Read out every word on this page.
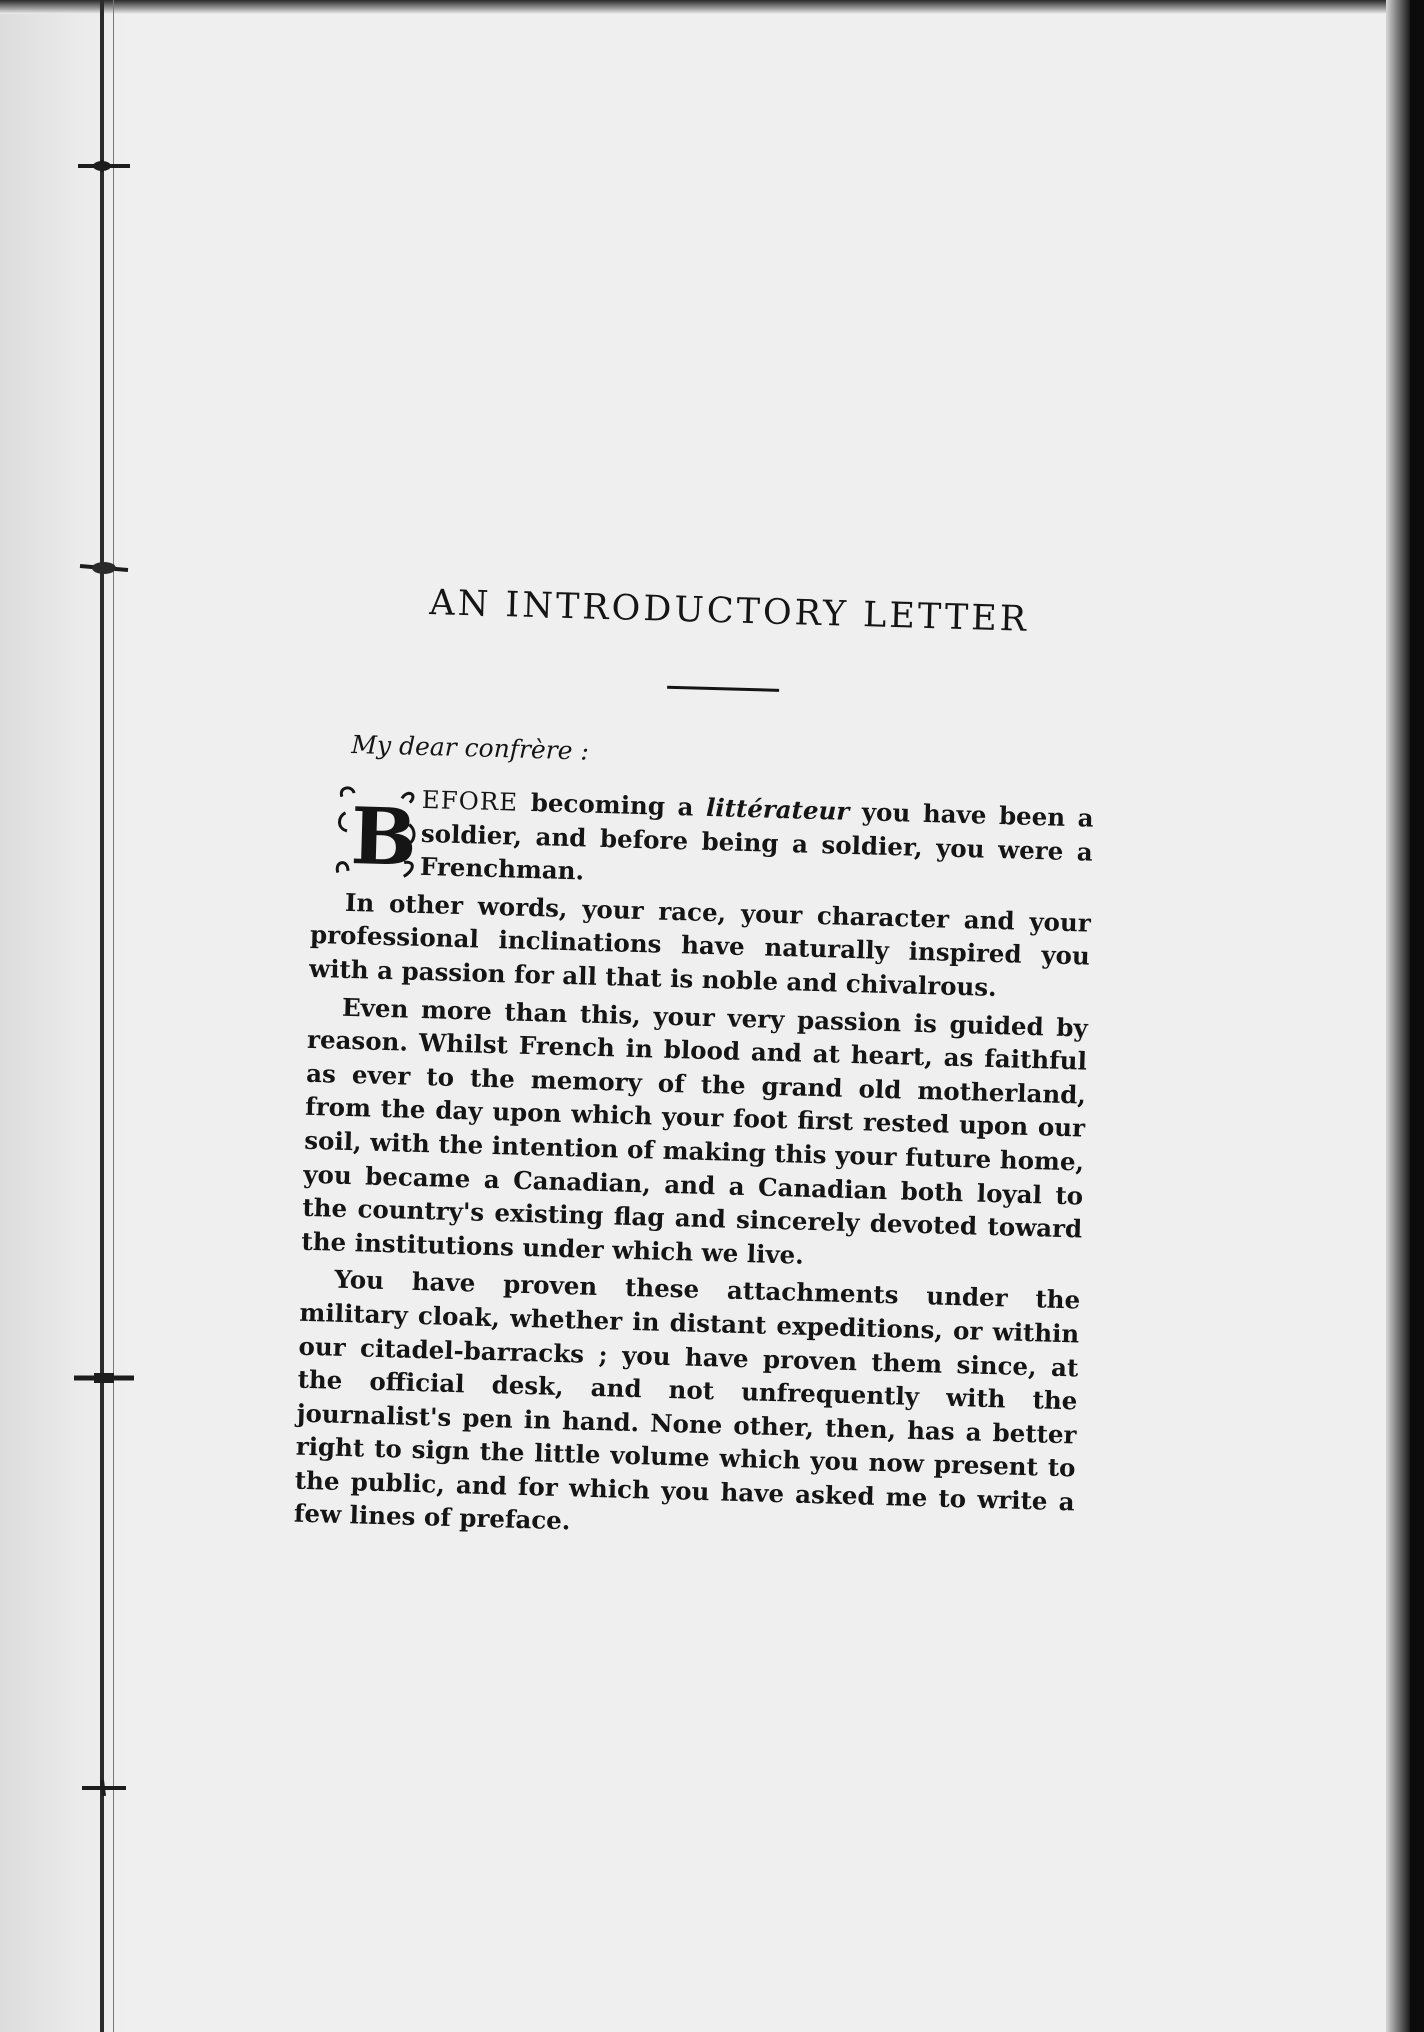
AN INTRODUCTORY LETTER

My dear confrère :

B EFORE becoming a littérateur you have been a soldier, and before being a soldier, you were a Frenchman.

In other words, your race, your character and your professional inclinations have naturally inspired you with a passion for all that is noble and chivalrous.

Even more than this, your very passion is guided by reason. Whilst French in blood and at heart, as faithful as ever to the memory of the grand old motherland, from the day upon which your foot first rested upon our soil, with the intention of making this your future home, you became a Canadian, and a Canadian both loyal to the country's existing flag and sincerely devoted toward the institutions under which we live.

You have proven these attachments under the military cloak, whether in distant expeditions, or within our citadel-barracks ; you have proven them since, at the official desk, and not unfrequently with the journalist's pen in hand. None other, then, has a better right to sign the little volume which you now present to the public, and for which you have asked me to write a few lines of preface.
